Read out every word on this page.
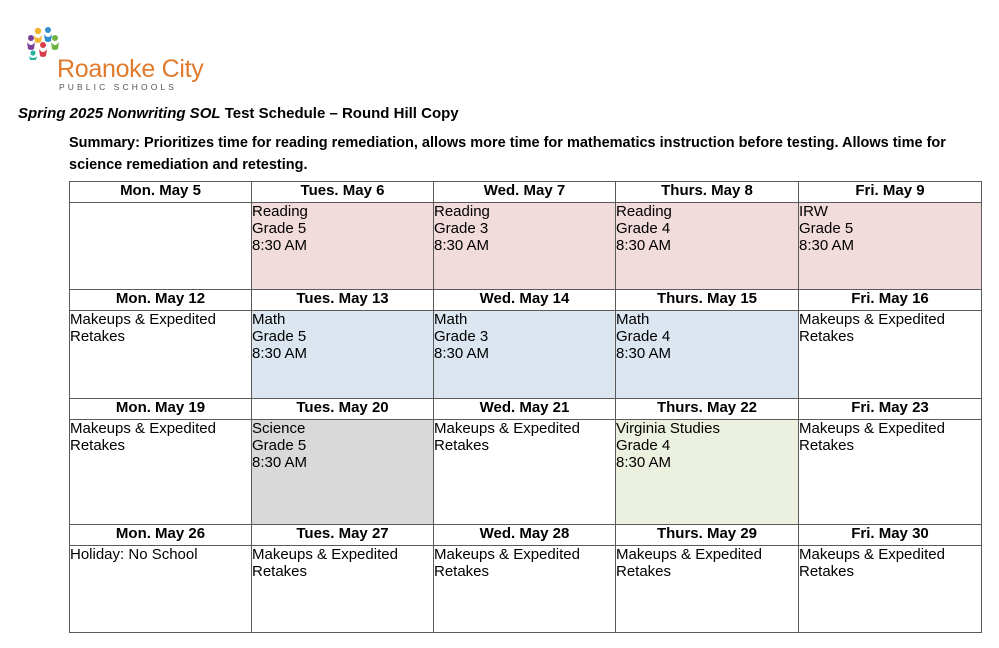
Roanoke City
PUBLIC SCHOOLS
Spring 2025 Nonwriting SOL Test Schedule – Round Hill Copy
Summary: Prioritizes time for reading remediation, allows more time for mathematics instruction before testing. Allows time for science remediation and retesting.
Mon. May 5	Tues. May 6	Wed. May 7	Thurs. May 8	Fri. May 9

	Reading
Grade 5
8:30 AM	Reading
Grade 3
8:30 AM	Reading
Grade 4
8:30 AM	IRW
Grade 5
8:30 AM

Mon. May 12	Tues. May 13	Wed. May 14	Thurs. May 15	Fri. May 16

Makeups & Expedited
Retakes	Math
Grade 5
8:30 AM	Math
Grade 3
8:30 AM	Math
Grade 4
8:30 AM	Makeups & Expedited
Retakes

Mon. May 19	Tues. May 20	Wed. May 21	Thurs. May 22	Fri. May 23

Makeups & Expedited
Retakes	Science
Grade 5
8:30 AM	Makeups & Expedited
Retakes	Virginia Studies
Grade 4
8:30 AM	Makeups & Expedited
Retakes

Mon. May 26	Tues. May 27	Wed. May 28	Thurs. May 29	Fri. May 30

Holiday: No School	Makeups & Expedited
Retakes	Makeups & Expedited
Retakes	Makeups & Expedited
Retakes	Makeups & Expedited
Retakes
